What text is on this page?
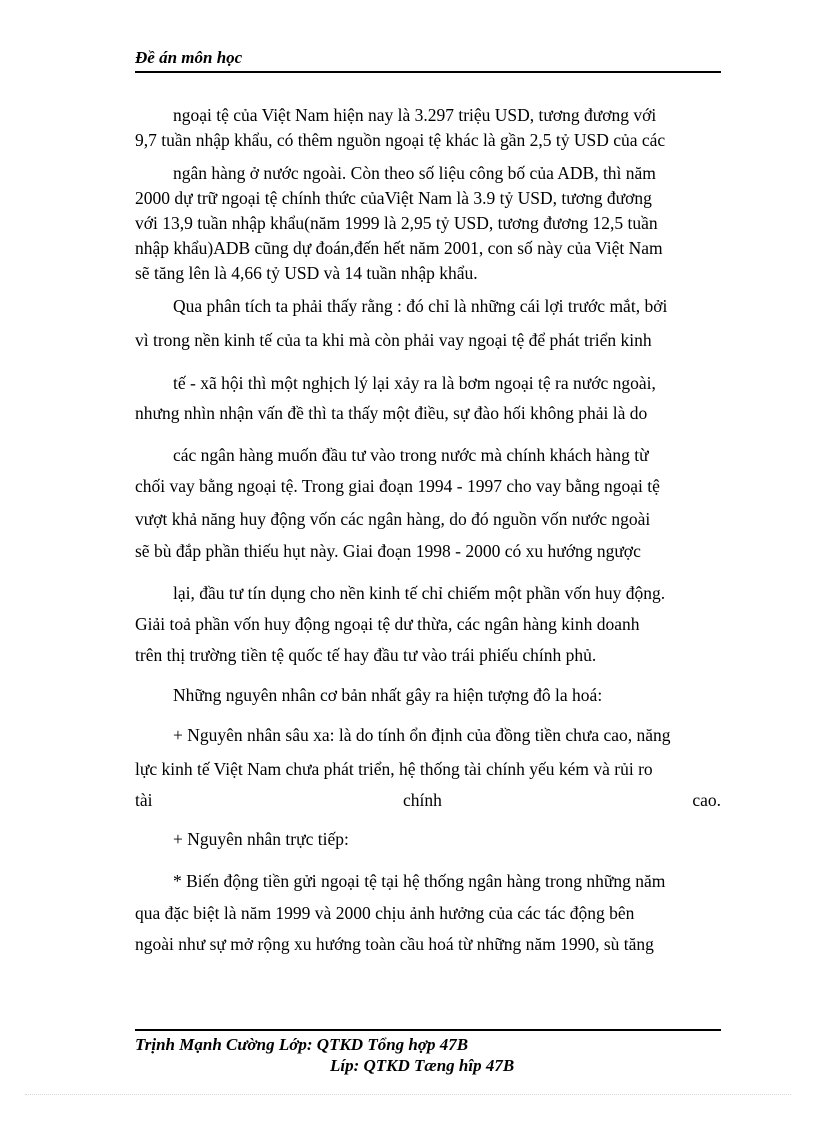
Đề án môn học
ngoại tệ của Việt Nam hiện nay là 3.297 triệu USD, tương đương với
9,7 tuần nhập khẩu, có thêm nguồn ngoại tệ khác là gần 2,5 tỷ USD của các
ngân hàng ở nước ngoài. Còn theo số liệu công bố của ADB, thì năm
2000 dự trữ ngoại tệ chính thức củaViệt Nam là 3.9 tỷ USD, tương đương
với 13,9 tuần nhập khẩu(năm 1999 là 2,95 tỷ USD, tương đương 12,5 tuần
nhập khẩu)ADB cũng dự đoán,đến hết năm 2001, con số này của Việt Nam
sẽ tăng lên là 4,66 tỷ USD và 14 tuần nhập khẩu.
Qua phân tích ta phải thấy rằng : đó chỉ là những cái lợi trước mắt, bởi
vì trong nền kinh tế của ta khi mà còn phải vay ngoại tệ để phát triển kinh
tế - xã hội thì một nghịch lý lại xảy ra là bơm ngoại tệ ra nước ngoài,
nhưng nhìn nhận vấn đề thì ta thấy một điều, sự đào hối không phải là do
các ngân hàng muốn đầu tư vào trong nước mà chính khách hàng từ
chối vay bằng ngoại tệ. Trong giai đoạn 1994 - 1997 cho vay bằng ngoại tệ
vượt khả năng huy động vốn các ngân hàng, do đó nguồn vốn nước ngoài
sẽ bù đắp phần thiếu hụt này. Giai đoạn 1998 - 2000 có xu hướng ngược
lại, đầu tư tín dụng cho nền kinh tế chỉ chiếm một phần vốn huy động.
Giải toả phần vốn huy động ngoại tệ dư thừa, các ngân hàng kinh doanh
trên thị trường tiền tệ quốc tế hay đầu tư vào trái phiếu chính phủ.
Những nguyên nhân cơ bản nhất gây ra hiện tượng đô la hoá:
+ Nguyên nhân sâu xa: là do tính ổn định của đồng tiền chưa cao, năng
lực kinh tế Việt Nam chưa phát triển, hệ thống tài chính yếu kém và rủi ro
tài	chính	cao.
+ Nguyên nhân trực tiếp:
* Biến động tiền gửi ngoại tệ tại hệ thống ngân hàng trong những năm
qua đặc biệt là năm 1999 và 2000 chịu ảnh hưởng của các tác động bên
ngoài như sự mở rộng xu hướng toàn cầu hoá từ những năm 1990, sù tăng
Trịnh Mạnh Cường Lớp: QTKD Tổng hợp 47B
Líp: QTKD Tæng hîp 47B
